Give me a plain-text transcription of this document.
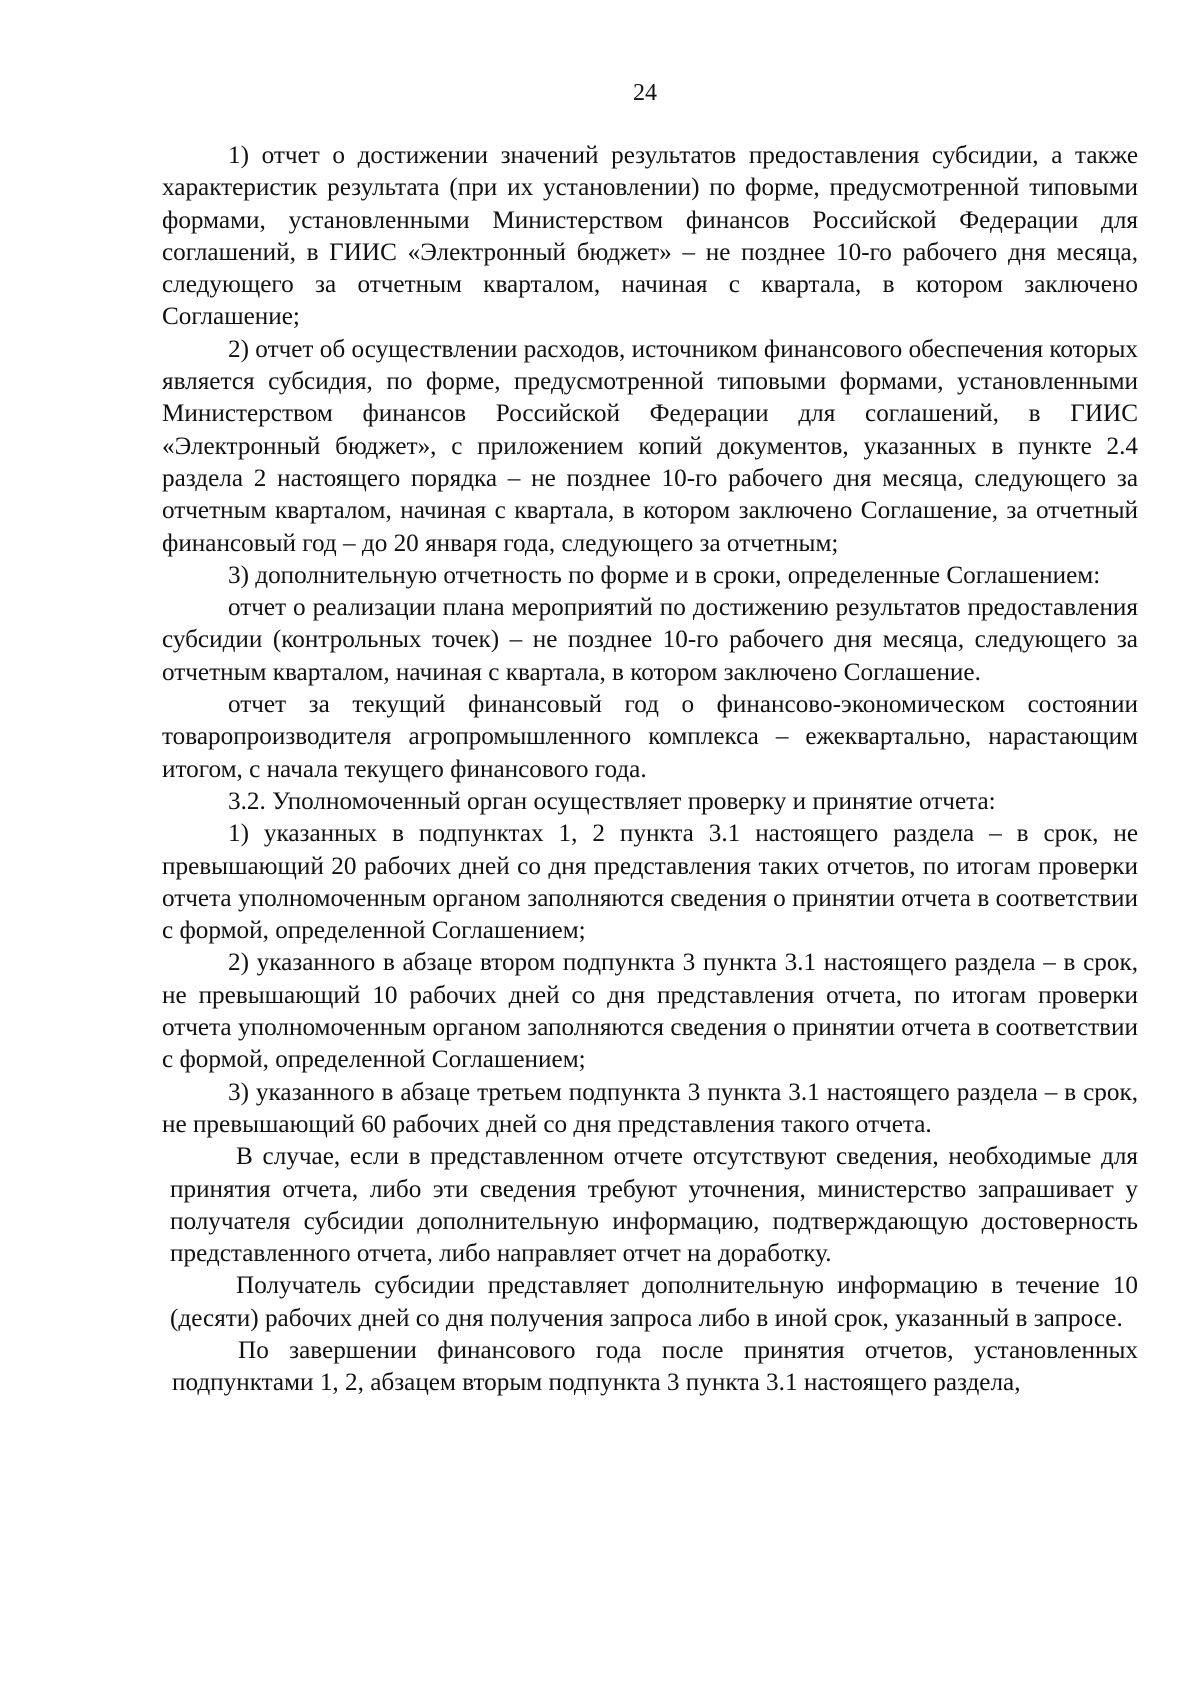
24

1) отчет о достижении значений результатов предоставления субсидии, а также характеристик результата (при их установлении) по форме, предусмотренной типовыми формами, установленными Министерством финансов Российской Федерации для соглашений, в ГИИС «Электронный бюджет» – не позднее 10-го рабочего дня месяца, следующего за отчетным кварталом, начиная с квартала, в котором заключено Соглашение;

2) отчет об осуществлении расходов, источником финансового обеспечения которых является субсидия, по форме, предусмотренной типовыми формами, установленными Министерством финансов Российской Федерации для соглашений, в ГИИС «Электронный бюджет», с приложением копий документов, указанных в пункте 2.4 раздела 2 настоящего порядка – не позднее 10-го рабочего дня месяца, следующего за отчетным кварталом, начиная с квартала, в котором заключено Соглашение, за отчетный финансовый год – до 20 января года, следующего за отчетным;

3) дополнительную отчетность по форме и в сроки, определенные Соглашением:

отчет о реализации плана мероприятий по достижению результатов предоставления субсидии (контрольных точек) – не позднее 10-го рабочего дня месяца, следующего за отчетным кварталом, начиная с квартала, в котором заключено Соглашение.

отчет за текущий финансовый год о финансово-экономическом состоянии товаропроизводителя агропромышленного комплекса – ежеквартально, нарастающим итогом, с начала текущего финансового года.

3.2. Уполномоченный орган осуществляет проверку и принятие отчета:

1) указанных в подпунктах 1, 2 пункта 3.1 настоящего раздела – в срок, не превышающий 20 рабочих дней со дня представления таких отчетов, по итогам проверки отчета уполномоченным органом заполняются сведения о принятии отчета в соответствии с формой, определенной Соглашением;

2) указанного в абзаце втором подпункта 3 пункта 3.1 настоящего раздела – в срок, не превышающий 10 рабочих дней со дня представления отчета, по итогам проверки отчета уполномоченным органом заполняются сведения о принятии отчета в соответствии с формой, определенной Соглашением;

3) указанного в абзаце третьем подпункта 3 пункта 3.1 настоящего раздела – в срок, не превышающий 60 рабочих дней со дня представления такого отчета.

В случае, если в представленном отчете отсутствуют сведения, необходимые для принятия отчета, либо эти сведения требуют уточнения, министерство запрашивает у получателя субсидии дополнительную информацию, подтверждающую достоверность представленного отчета, либо направляет отчет на доработку.

Получатель субсидии представляет дополнительную информацию в течение 10 (десяти) рабочих дней со дня получения запроса либо в иной срок, указанный в запросе.

По завершении финансового года после принятия отчетов, установленных подпунктами 1, 2, абзацем вторым подпункта 3 пункта 3.1 настоящего раздела,
